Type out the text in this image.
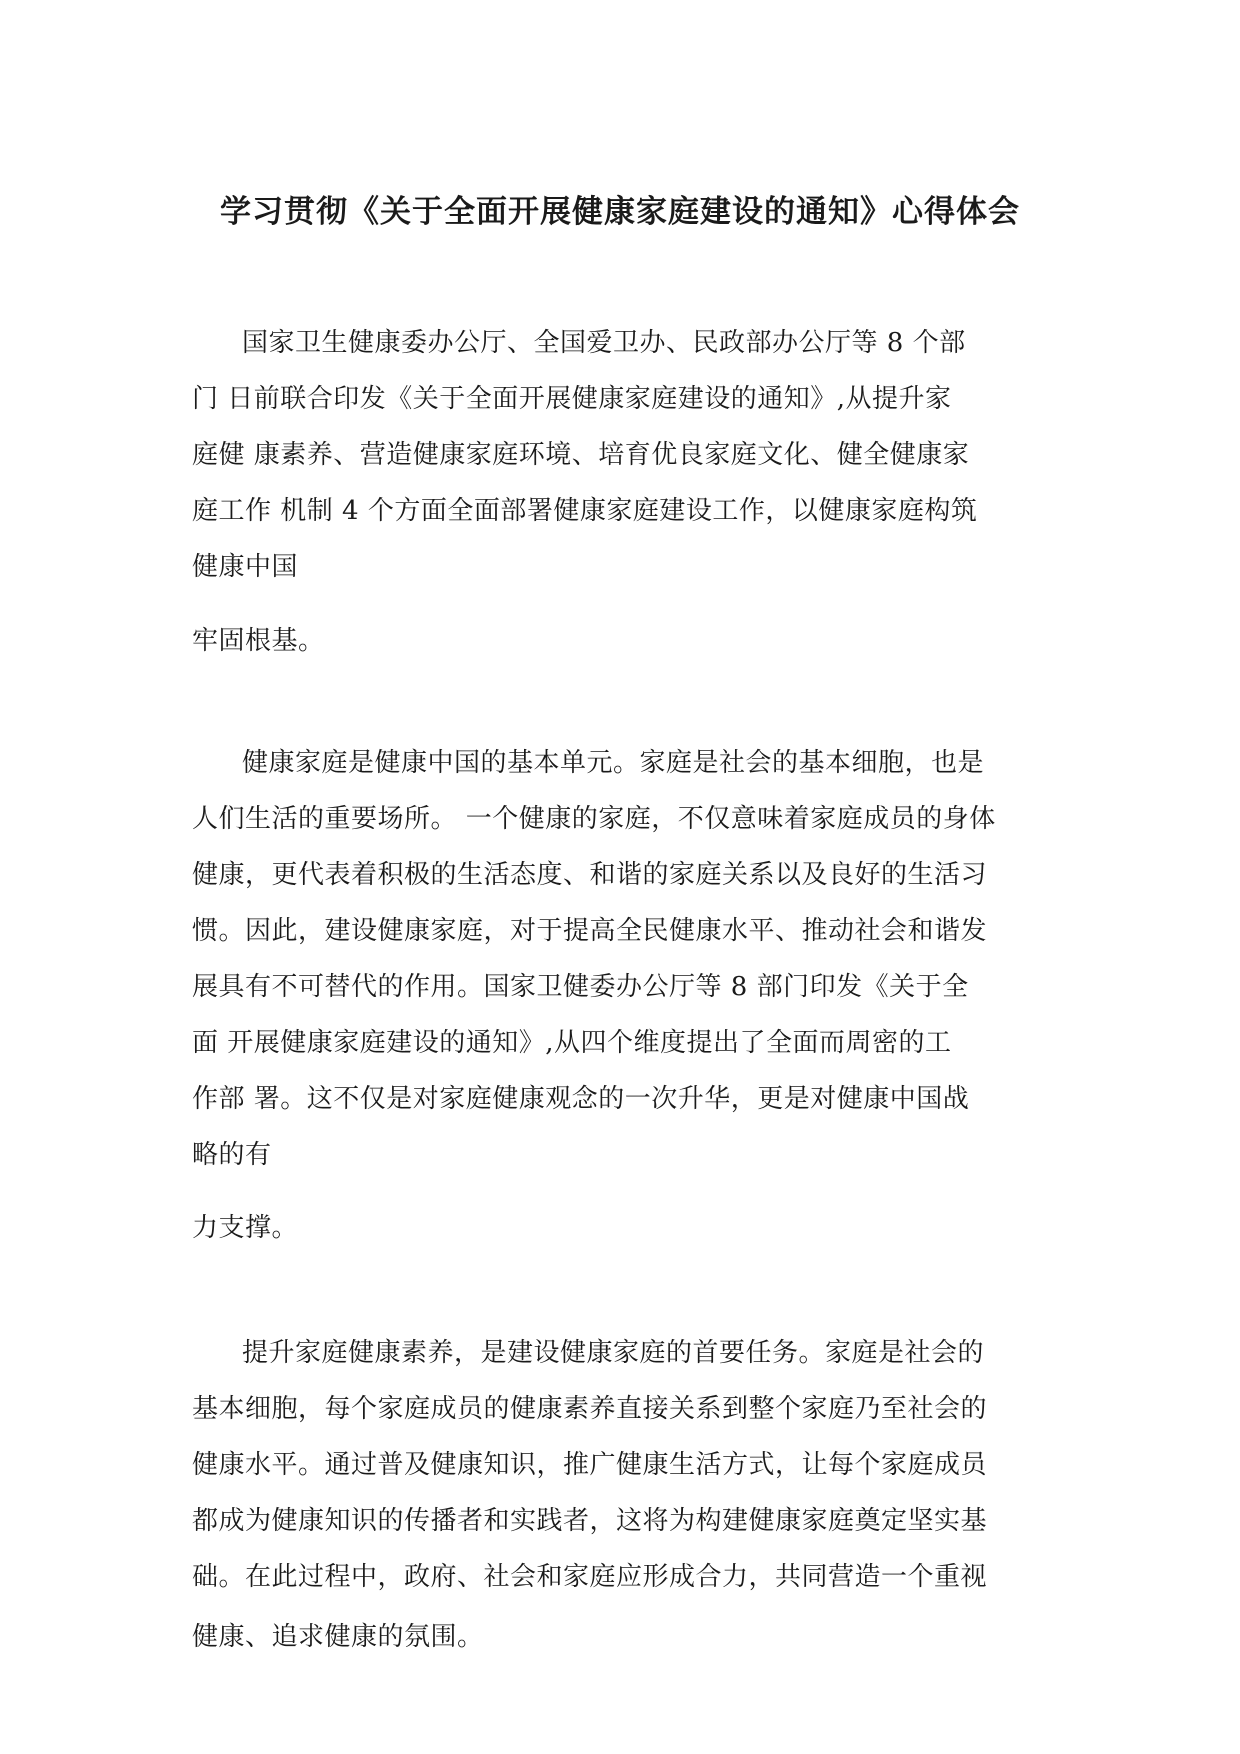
学习贯彻《关于全面开展健康家庭建设的通知》心得体会
国家卫生健康委办公厅、全国爱卫办、民政部办公厅等 8 个部
门 日前联合印发《关于全面开展健康家庭建设的通知》,从提升家
庭健 康素养、营造健康家庭环境、培育优良家庭文化、健全健康家
庭工作 机制 4 个方面全面部署健康家庭建设工作，以健康家庭构筑
健康中国
牢固根基。
健康家庭是健康中国的基本单元。家庭是社会的基本细胞，也是
人们生活的重要场所。 一个健康的家庭，不仅意味着家庭成员的身体
健康，更代表着积极的生活态度、和谐的家庭关系以及良好的生活习
惯。因此，建设健康家庭，对于提高全民健康水平、推动社会和谐发
展具有不可替代的作用。国家卫健委办公厅等 8 部门印发《关于全
面 开展健康家庭建设的通知》,从四个维度提出了全面而周密的工
作部 署。这不仅是对家庭健康观念的一次升华，更是对健康中国战
略的有
力支撑。
提升家庭健康素养，是建设健康家庭的首要任务。家庭是社会的
基本细胞，每个家庭成员的健康素养直接关系到整个家庭乃至社会的
健康水平。通过普及健康知识，推广健康生活方式，让每个家庭成员
都成为健康知识的传播者和实践者，这将为构建健康家庭奠定坚实基
础。在此过程中，政府、社会和家庭应形成合力，共同营造一个重视
健康、追求健康的氛围。
